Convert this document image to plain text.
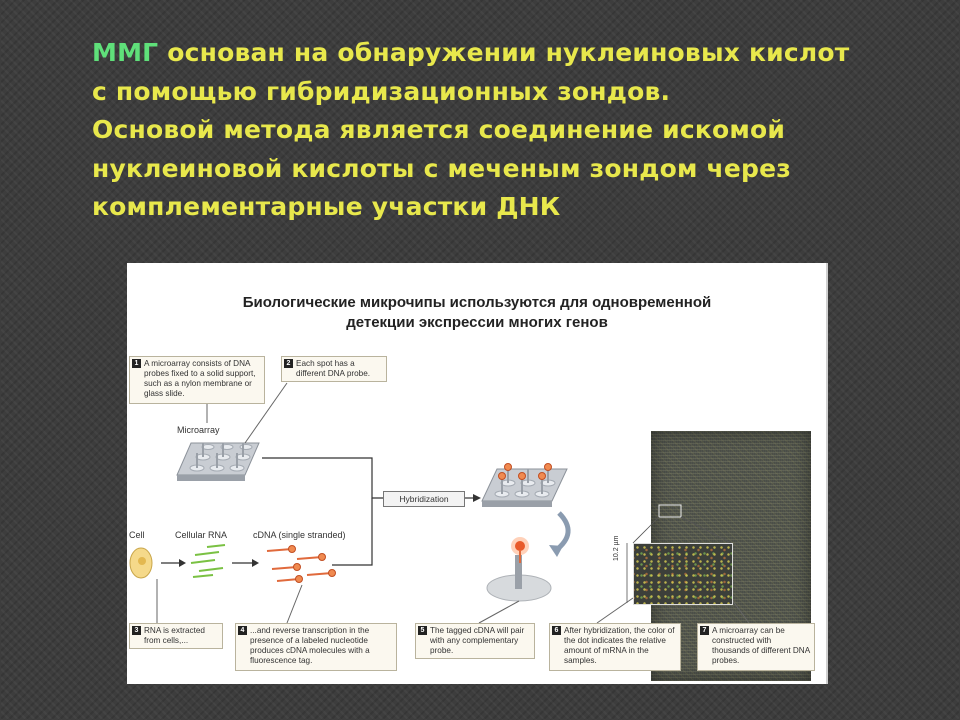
ММГ основан на обнаружении нуклеиновых кислот

с помощью гибридизационных зондов.

Основой метода является соединение искомой

нуклеиновой кислоты с меченым зондом через

комплементарные участки ДНК

Биологические микрочипы используются для одновременной
детекции экспрессии многих генов
Microarray
Cell	Cellular RNA	cDNA (single stranded)
Hybridization
10.2 µm
1 A microarray consists of DNA probes fixed to a solid support, such as a nylon membrane or glass slide.
2 Each spot has a different DNA probe.
3 RNA is extracted from cells,...
4 ...and reverse transcription in the presence of a labeled nucleotide produces cDNA molecules with a fluorescence tag.
5 The tagged cDNA will pair with any complementary probe.
6 After hybridization, the color of the dot indicates the relative amount of mRNA in the samples.
7 A microarray can be constructed with thousands of different DNA probes.
